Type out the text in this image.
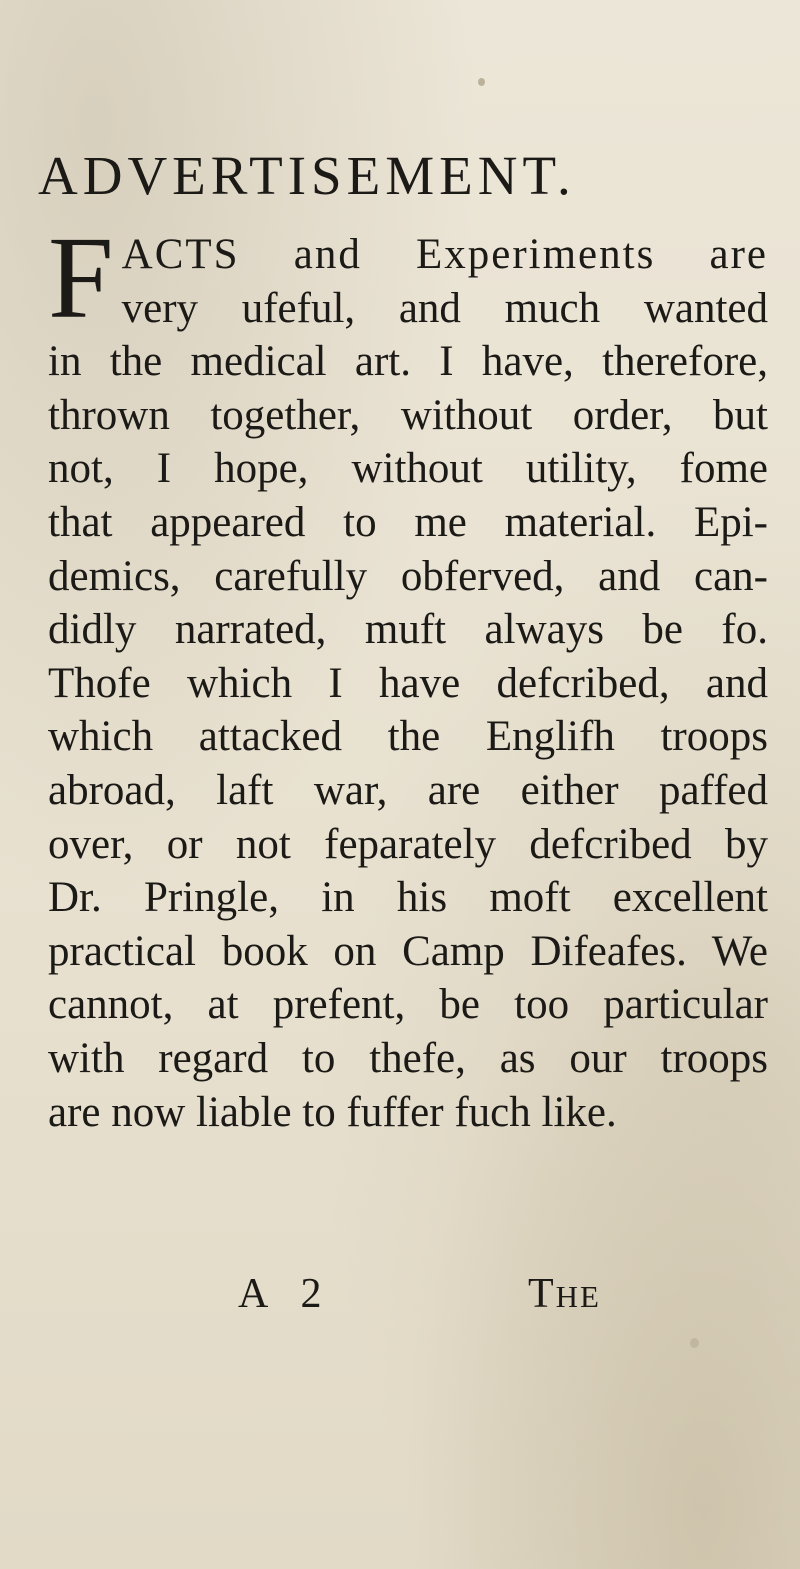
ADVERTISEMENT.
F ACTS and Experiments are
very ufeful, and much wanted
in the medical art. I have, therefore,
thrown together, without order, but
not, I hope, without utility, fome
that appeared to me material. Epi-
demics, carefully obferved, and can-
didly narrated, muft always be fo.
Thofe which I have defcribed, and
which attacked the Englifh troops
abroad, laft war, are either paffed
over, or not feparately defcribed by
Dr. Pringle, in his moft excellent
practical book on Camp Difeafes. We
cannot, at prefent, be too particular
with regard to thefe, as our troops
are now liable to fuffer fuch like.
A 2	THE
